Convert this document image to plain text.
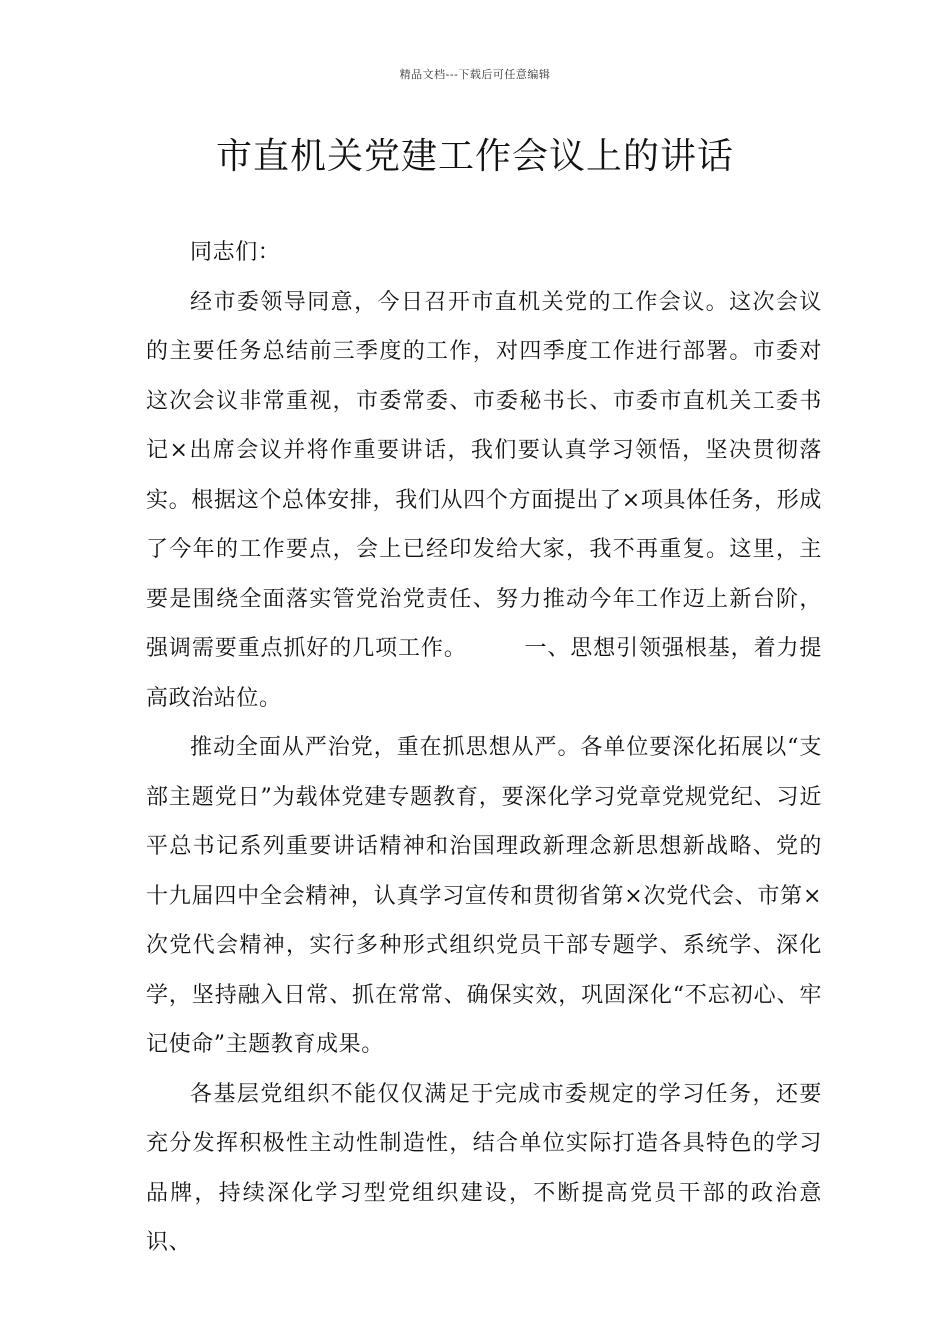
精品文档---下载后可任意编辑
市直机关党建工作会议上的讲话

同志们：

经市委领导同意，今日召开市直机关党的工作会议。这次会议的主要任务总结前三季度的工作，对四季度工作进行部署。市委对这次会议非常重视，市委常委、市委秘书长、市委市直机关工委书记×出席会议并将作重要讲话，我们要认真学习领悟，坚决贯彻落实。根据这个总体安排，我们从四个方面提出了×项具体任务，形成了今年的工作要点，会上已经印发给大家，我不再重复。这里，主要是围绕全面落实管党治党责任、努力推动今年工作迈上新台阶，强调需要重点抓好的几项工作。　　　一、思想引领强根基，着力提高政治站位。

推动全面从严治党，重在抓思想从严。各单位要深化拓展以“支部主题党日”为载体党建专题教育，要深化学习党章党规党纪、习近平总书记系列重要讲话精神和治国理政新理念新思想新战略、党的十九届四中全会精神，认真学习宣传和贯彻省第×次党代会、市第×次党代会精神，实行多种形式组织党员干部专题学、系统学、深化学，坚持融入日常、抓在常常、确保实效，巩固深化“不忘初心、牢记使命”主题教育成果。

各基层党组织不能仅仅满足于完成市委规定的学习任务，还要充分发挥积极性主动性制造性，结合单位实际打造各具特色的学习品牌，持续深化学习型党组织建设，不断提高党员干部的政治意识、
